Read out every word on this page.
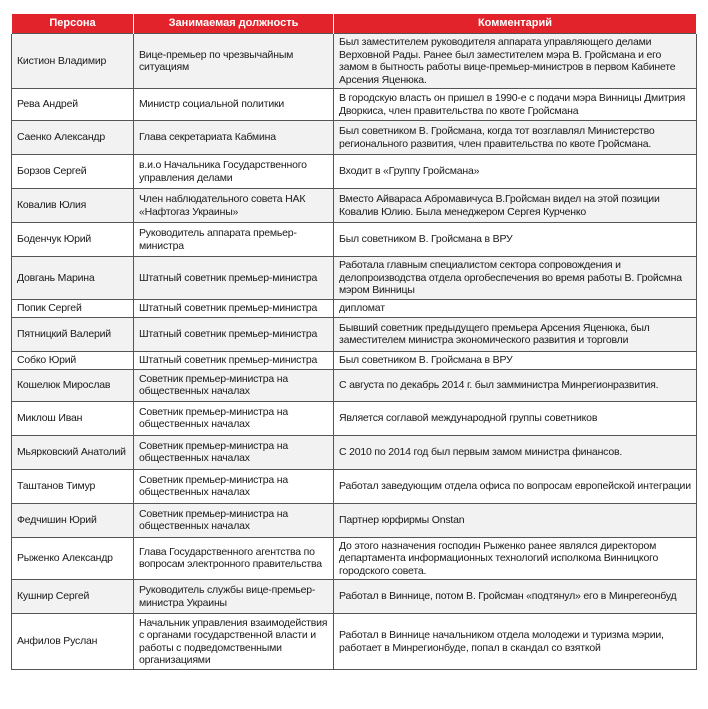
Персона	Занимаемая должность	Комментарий
Кистион Владимир	Вице-премьер по чрезвычайным ситуациям	Был заместителем руководителя аппарата управляющего делами Верховной Рады. Ранее был заместителем мэра В. Гройсмана и его замом в бытность работы вице-премьер-министров в первом Кабинете Арсения Яценюка.
Рева Андрей	Министр социальной политики	В городскую власть он пришел в 1990-е с подачи мэра Винницы Дмитрия Дворкиса, член правительства по квоте Гройсмана
Саенко Александр	Глава секретариата Кабмина	Был советником В. Гройсмана, когда тот возглавлял Министерство регионального развития, член правительства по квоте Гройсмана.
Борзов Сергей	в.и.о Начальника Государственного управления делами	Входит в «Группу Гройсмана»
Ковалив Юлия	Член наблюдательного совета НАК «Нафтогаз Украины»	Вместо Айвараса Абромавичуса В.Гройсман видел на этой позиции Ковалив Юлию. Была менеджером Сергея Курченко
Боденчук Юрий	Руководитель аппарата премьер-министра	Был советником В. Гройсмана в ВРУ
Довгань Марина	Штатный советник премьер-министра	Работала главным специалистом сектора сопровождения и делопроизводства отдела оргобеспечения во время работы В. Гройсмна мэром Винницы
Попик Сергей	Штатный советник премьер-министра	дипломат
Пятницкий Валерий	Штатный советник премьер-министра	Бывший советник предыдущего премьера Арсения Яценюка, был заместителем министра экономического развития и торговли
Собко Юрий	Штатный советник премьер-министра	Был советником В. Гройсмана в ВРУ
Кошелюк Мирослав	Советник премьер-министра на общественных началах	С августа по декабрь 2014 г. был замминистра Минрегионразвития.
Миклош Иван	Советник премьер-министра на общественных началах	Является соглавой международной группы советников
Мьярковский Анатолий	Советник премьер-министра на общественных началах	С 2010 по 2014 год был первым замом министра финансов.
Таштанов Тимур	Советник премьер-министра на общественных началах	Работал заведующим отдела офиса по вопросам европейской интеграции
Федчишин Юрий	Советник премьер-министра на общественных началах	Партнер юрфирмы Onstan
Рыженко Александр	Глава Государственного агентства по вопросам электронного правительства	До этого назначения господин Рыженко ранее являлся директором департамента информационных технологий исполкома Винницкого городского совета.
Кушнир Сергей	Руководитель службы вице-премьер-министра Украины	Работал в Виннице, потом В. Гройсман «подтянул» его в Минрегеонбуд
Анфилов Руслан	Начальник управления взаимодействия с органами государственной власти и работы с подведомственными организациями	Работал в Виннице начальником отдела молодежи и туризма мэрии, работает в Минрегионбуде, попал в скандал со взяткой
